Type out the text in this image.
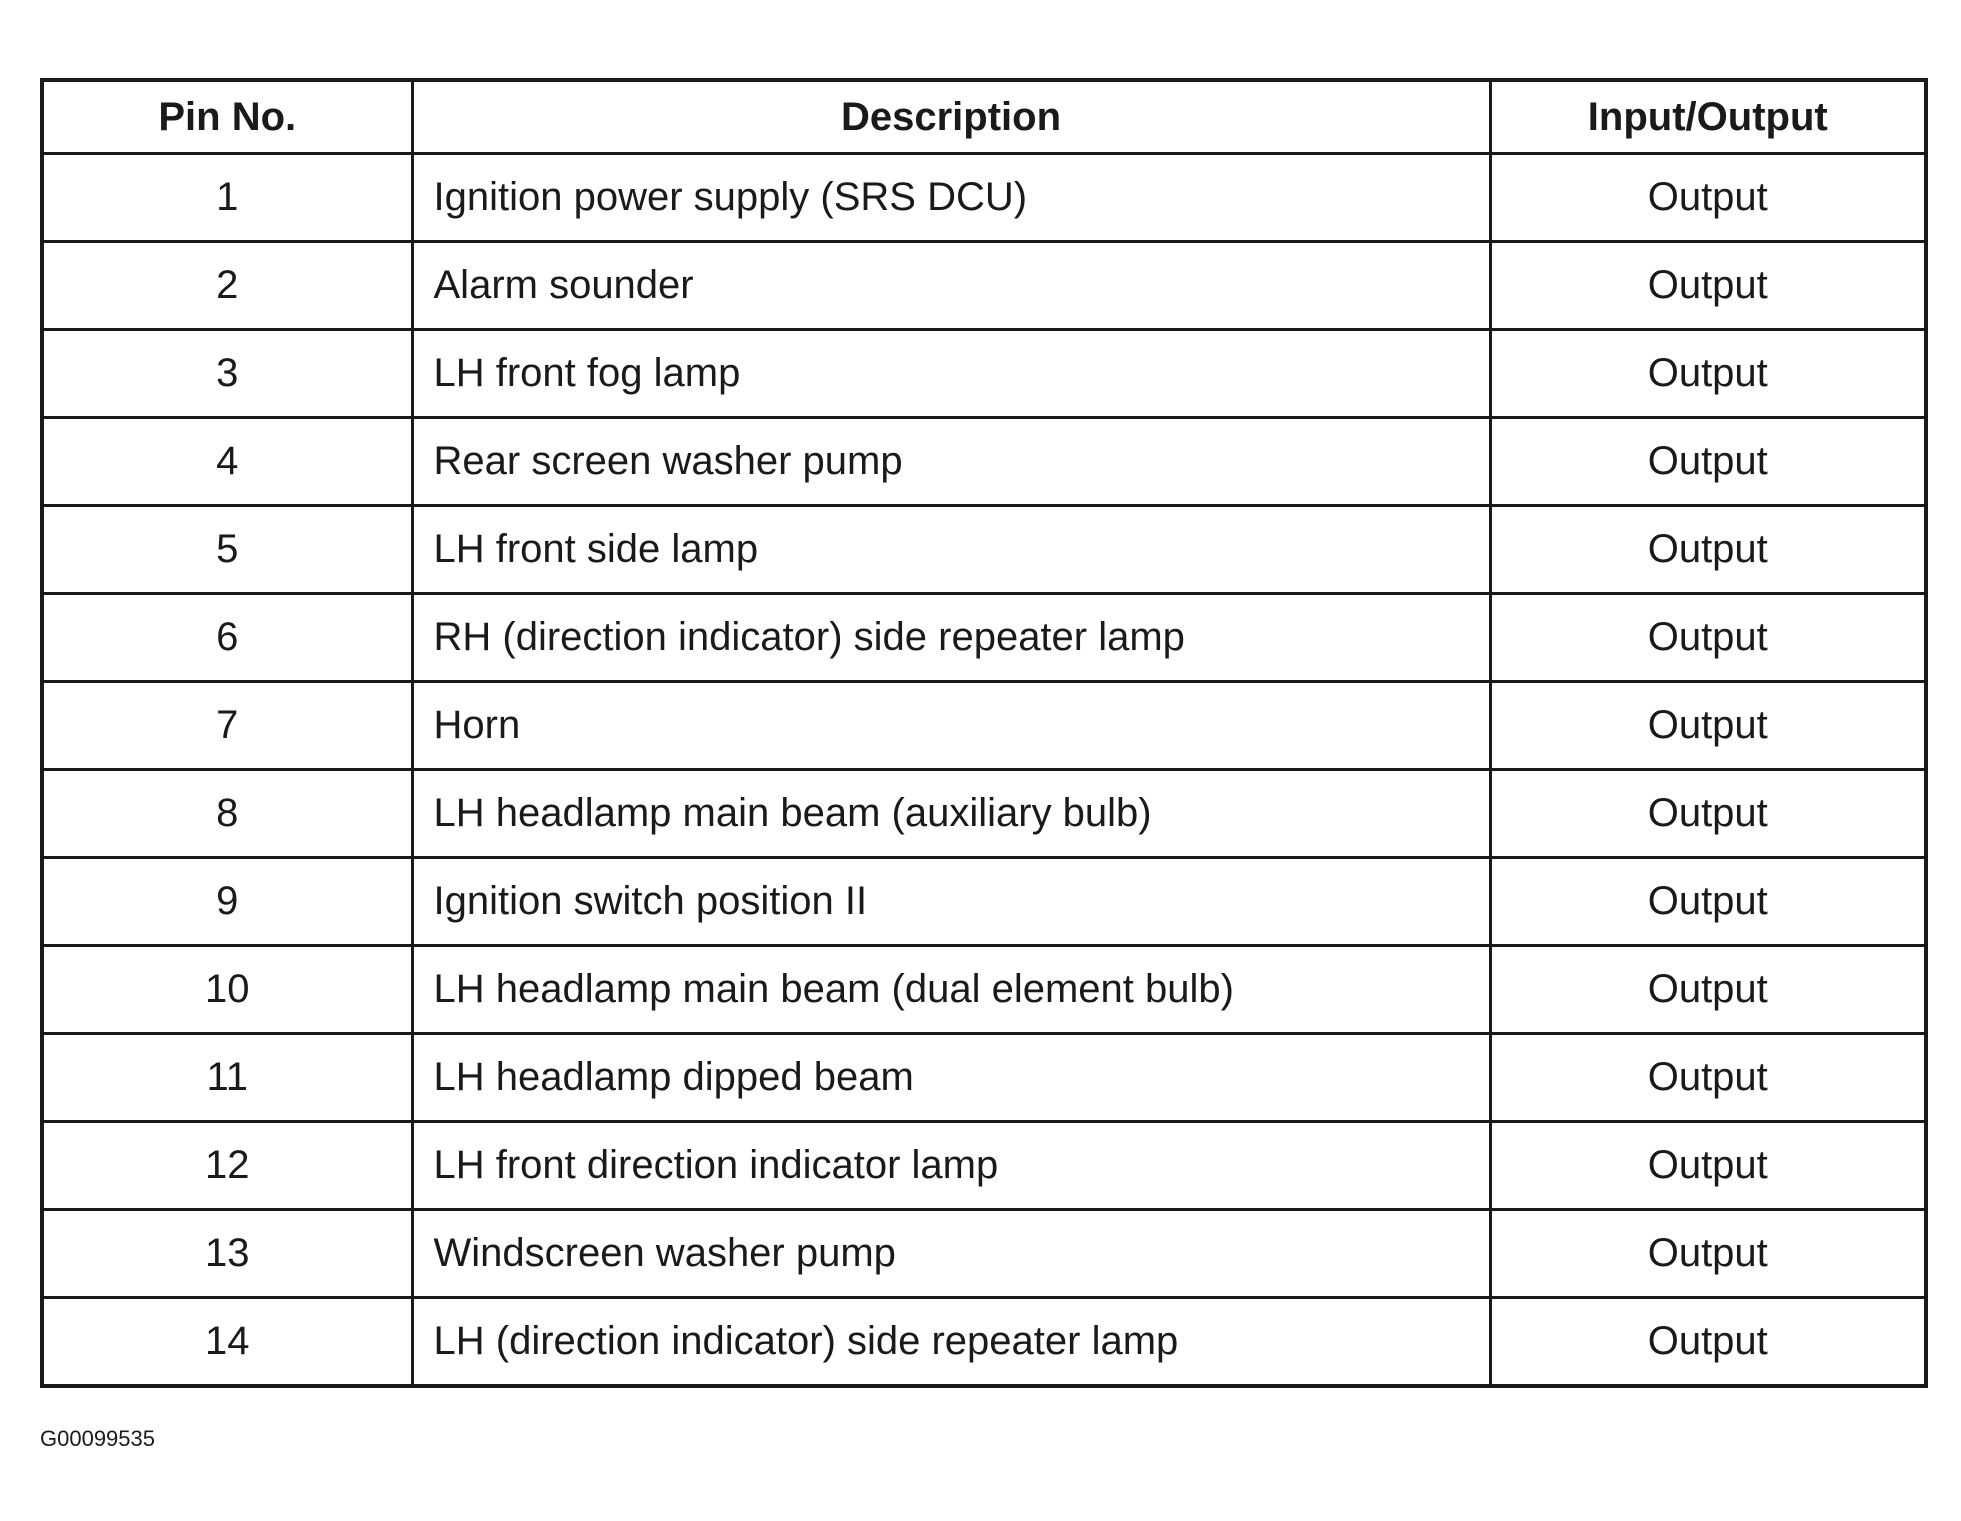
Pin No.	Description	Input/Output
1	Ignition power supply (SRS DCU)	Output
2	Alarm sounder	Output
3	LH front fog lamp	Output
4	Rear screen washer pump	Output
5	LH front side lamp	Output
6	RH (direction indicator) side repeater lamp	Output
7	Horn	Output
8	LH headlamp main beam (auxiliary bulb)	Output
9	Ignition switch position II	Output
10	LH headlamp main beam (dual element bulb)	Output
11	LH headlamp dipped beam	Output
12	LH front direction indicator lamp	Output
13	Windscreen washer pump	Output
14	LH (direction indicator) side repeater lamp	Output
G00099535
